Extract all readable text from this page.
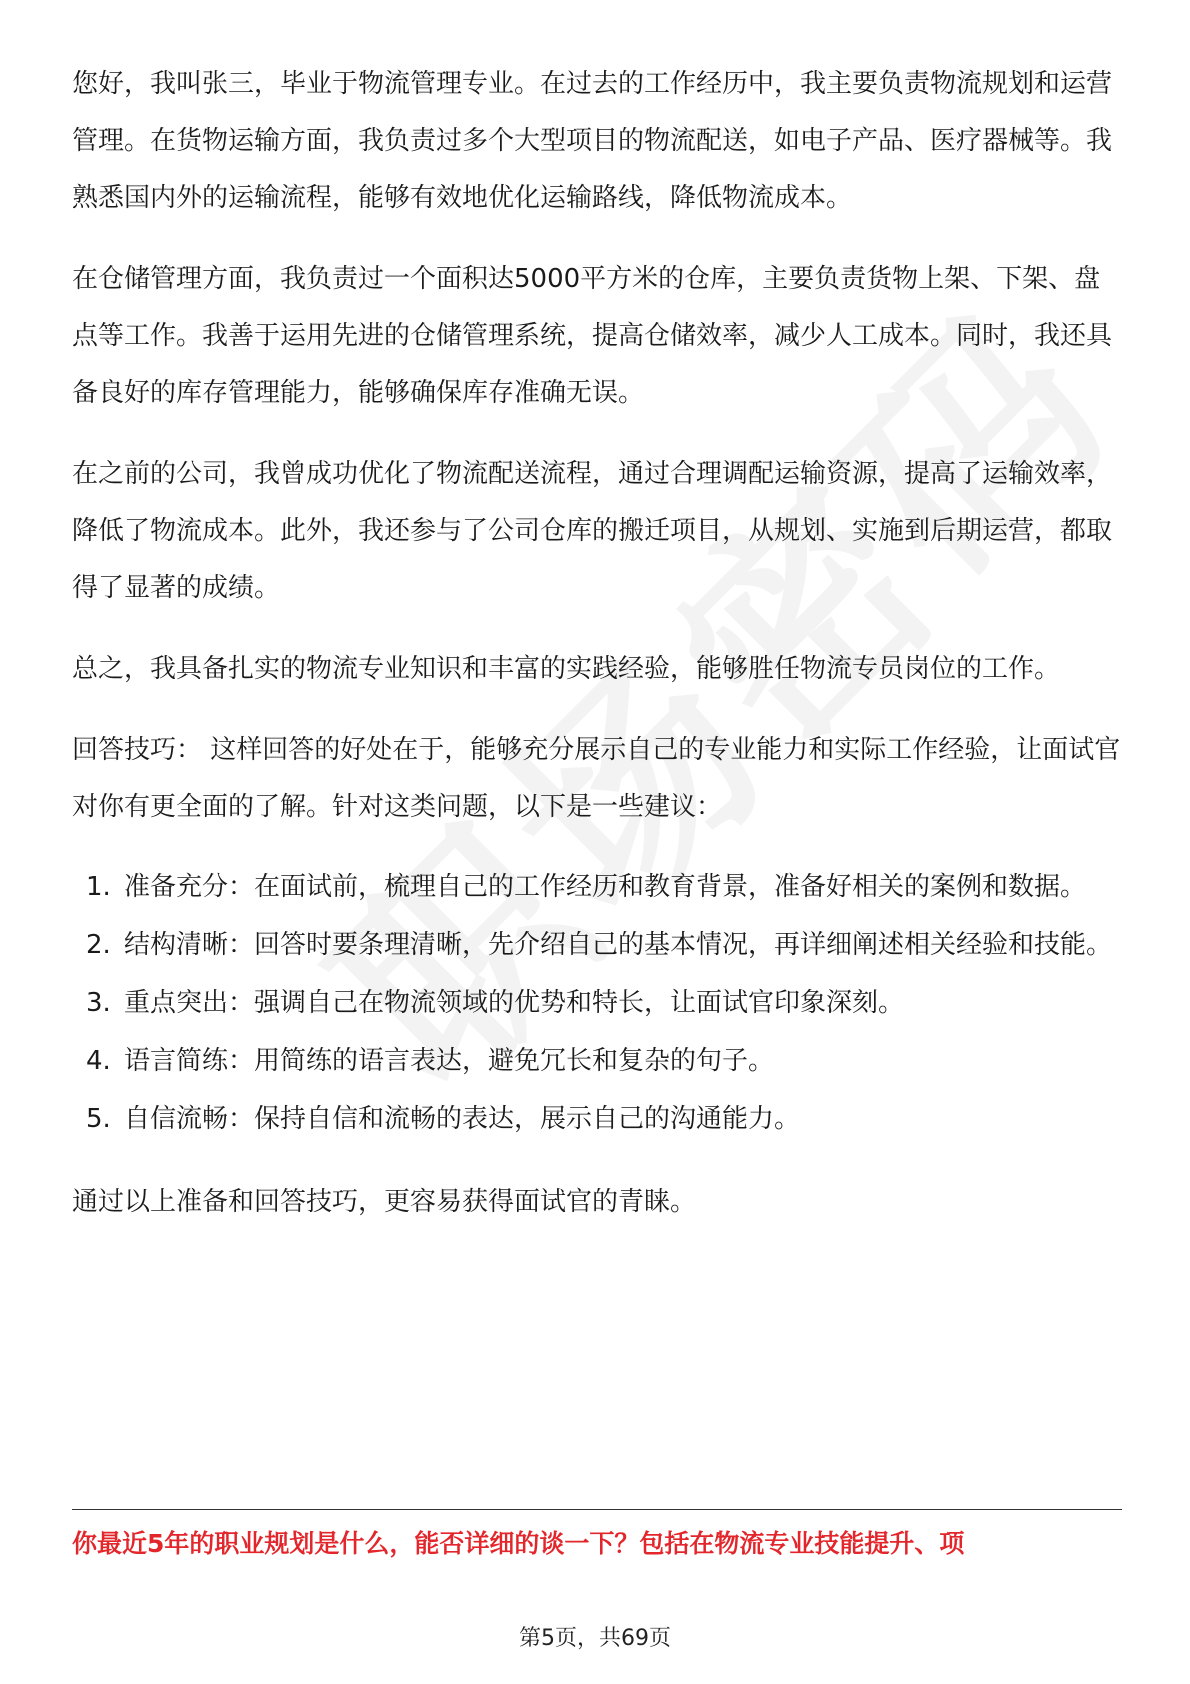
您好，我叫张三，毕业于物流管理专业。在过去的工作经历中，我主要负责物流规划和运营管理。在货物运输方面，我负责过多个大型项目的物流配送，如电子产品、医疗器械等。我熟悉国内外的运输流程，能够有效地优化运输路线，降低物流成本。

在仓储管理方面，我负责过一个面积达5000平方米的仓库，主要负责货物上架、下架、盘点等工作。我善于运用先进的仓储管理系统，提高仓储效率，减少人工成本。同时，我还具备良好的库存管理能力，能够确保库存准确无误。

在之前的公司，我曾成功优化了物流配送流程，通过合理调配运输资源，提高了运输效率，降低了物流成本。此外，我还参与了公司仓库的搬迁项目，从规划、实施到后期运营，都取得了显著的成绩。

总之，我具备扎实的物流专业知识和丰富的实践经验，能够胜任物流专员岗位的工作。

回答技巧： 这样回答的好处在于，能够充分展示自己的专业能力和实际工作经验，让面试官对你有更全面的了解。针对这类问题，以下是一些建议：

1. 准备充分：在面试前，梳理自己的工作经历和教育背景，准备好相关的案例和数据。
2. 结构清晰：回答时要条理清晰，先介绍自己的基本情况，再详细阐述相关经验和技能。
3. 重点突出：强调自己在物流领域的优势和特长，让面试官印象深刻。
4. 语言简练：用简练的语言表达，避免冗长和复杂的句子。
5. 自信流畅：保持自信和流畅的表达，展示自己的沟通能力。

通过以上准备和回答技巧，更容易获得面试官的青睐。

你最近5年的职业规划是什么，能否详细的谈一下？包括在物流专业技能提升、项
第5页，共69页
